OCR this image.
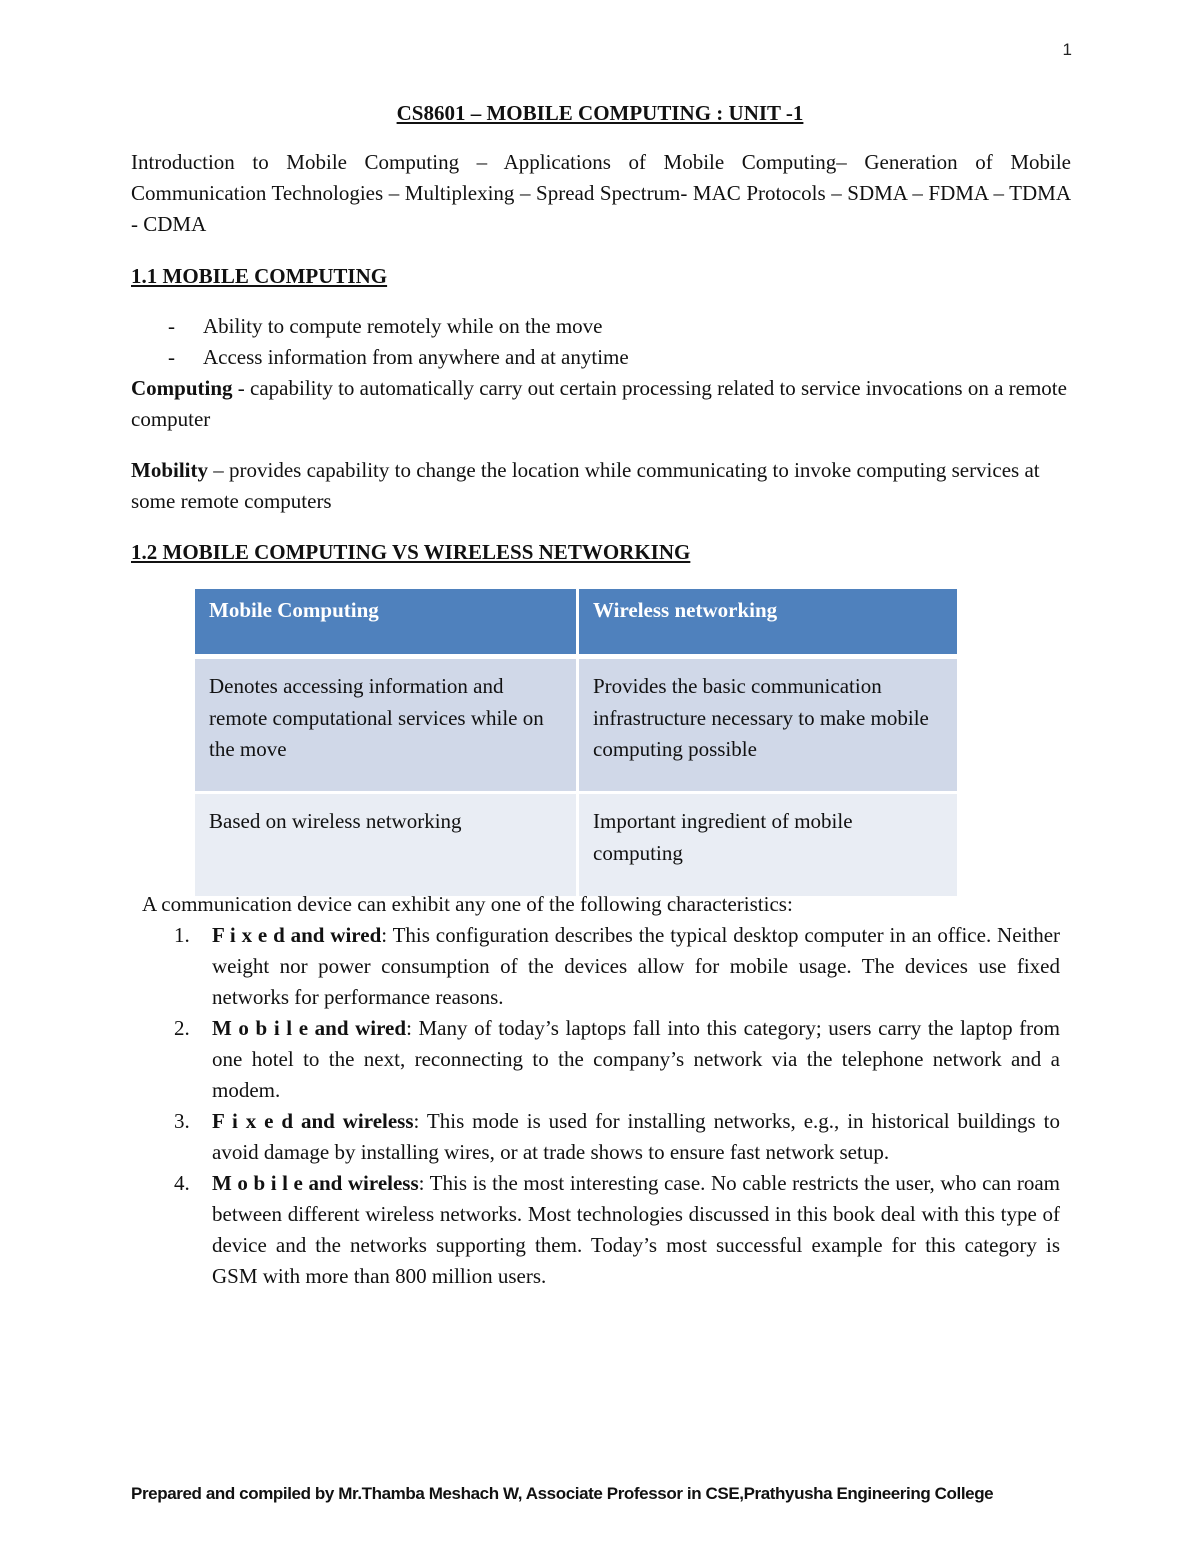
1
CS8601 – MOBILE COMPUTING : UNIT -1
Introduction to Mobile Computing – Applications of Mobile Computing– Generation of Mobile Communication Technologies – Multiplexing – Spread Spectrum- MAC Protocols – SDMA – FDMA – TDMA - CDMA
1.1 MOBILE COMPUTING
- Ability to compute remotely while on the move
- Access information from anywhere and at anytime
Computing - capability to automatically carry out certain processing related to service invocations on a remote computer
Mobility – provides capability to change the location while communicating to invoke computing services at some remote computers
1.2 MOBILE COMPUTING VS WIRELESS NETWORKING
Mobile Computing	Wireless networking
Denotes accessing information and remote computational services while on the move	Provides the basic communication infrastructure necessary to make mobile computing possible
Based on wireless networking	Important ingredient of mobile computing
A communication device can exhibit any one of the following characteristics:
1. F i x e d and wired: This configuration describes the typical desktop computer in an office. Neither weight nor power consumption of the devices allow for mobile usage. The devices use fixed networks for performance reasons.
2. M o b i l e and wired: Many of today’s laptops fall into this category; users carry the laptop from one hotel to the next, reconnecting to the company’s network via the telephone network and a modem.
3. F i x e d and wireless: This mode is used for installing networks, e.g., in historical buildings to avoid damage by installing wires, or at trade shows to ensure fast network setup.
4. M o b i l e and wireless: This is the most interesting case. No cable restricts the user, who can roam between different wireless networks. Most technologies discussed in this book deal with this type of device and the networks supporting them. Today’s most successful example for this category is GSM with more than 800 million users.
Prepared and compiled by Mr.Thamba Meshach W, Associate Professor in CSE,Prathyusha Engineering College
